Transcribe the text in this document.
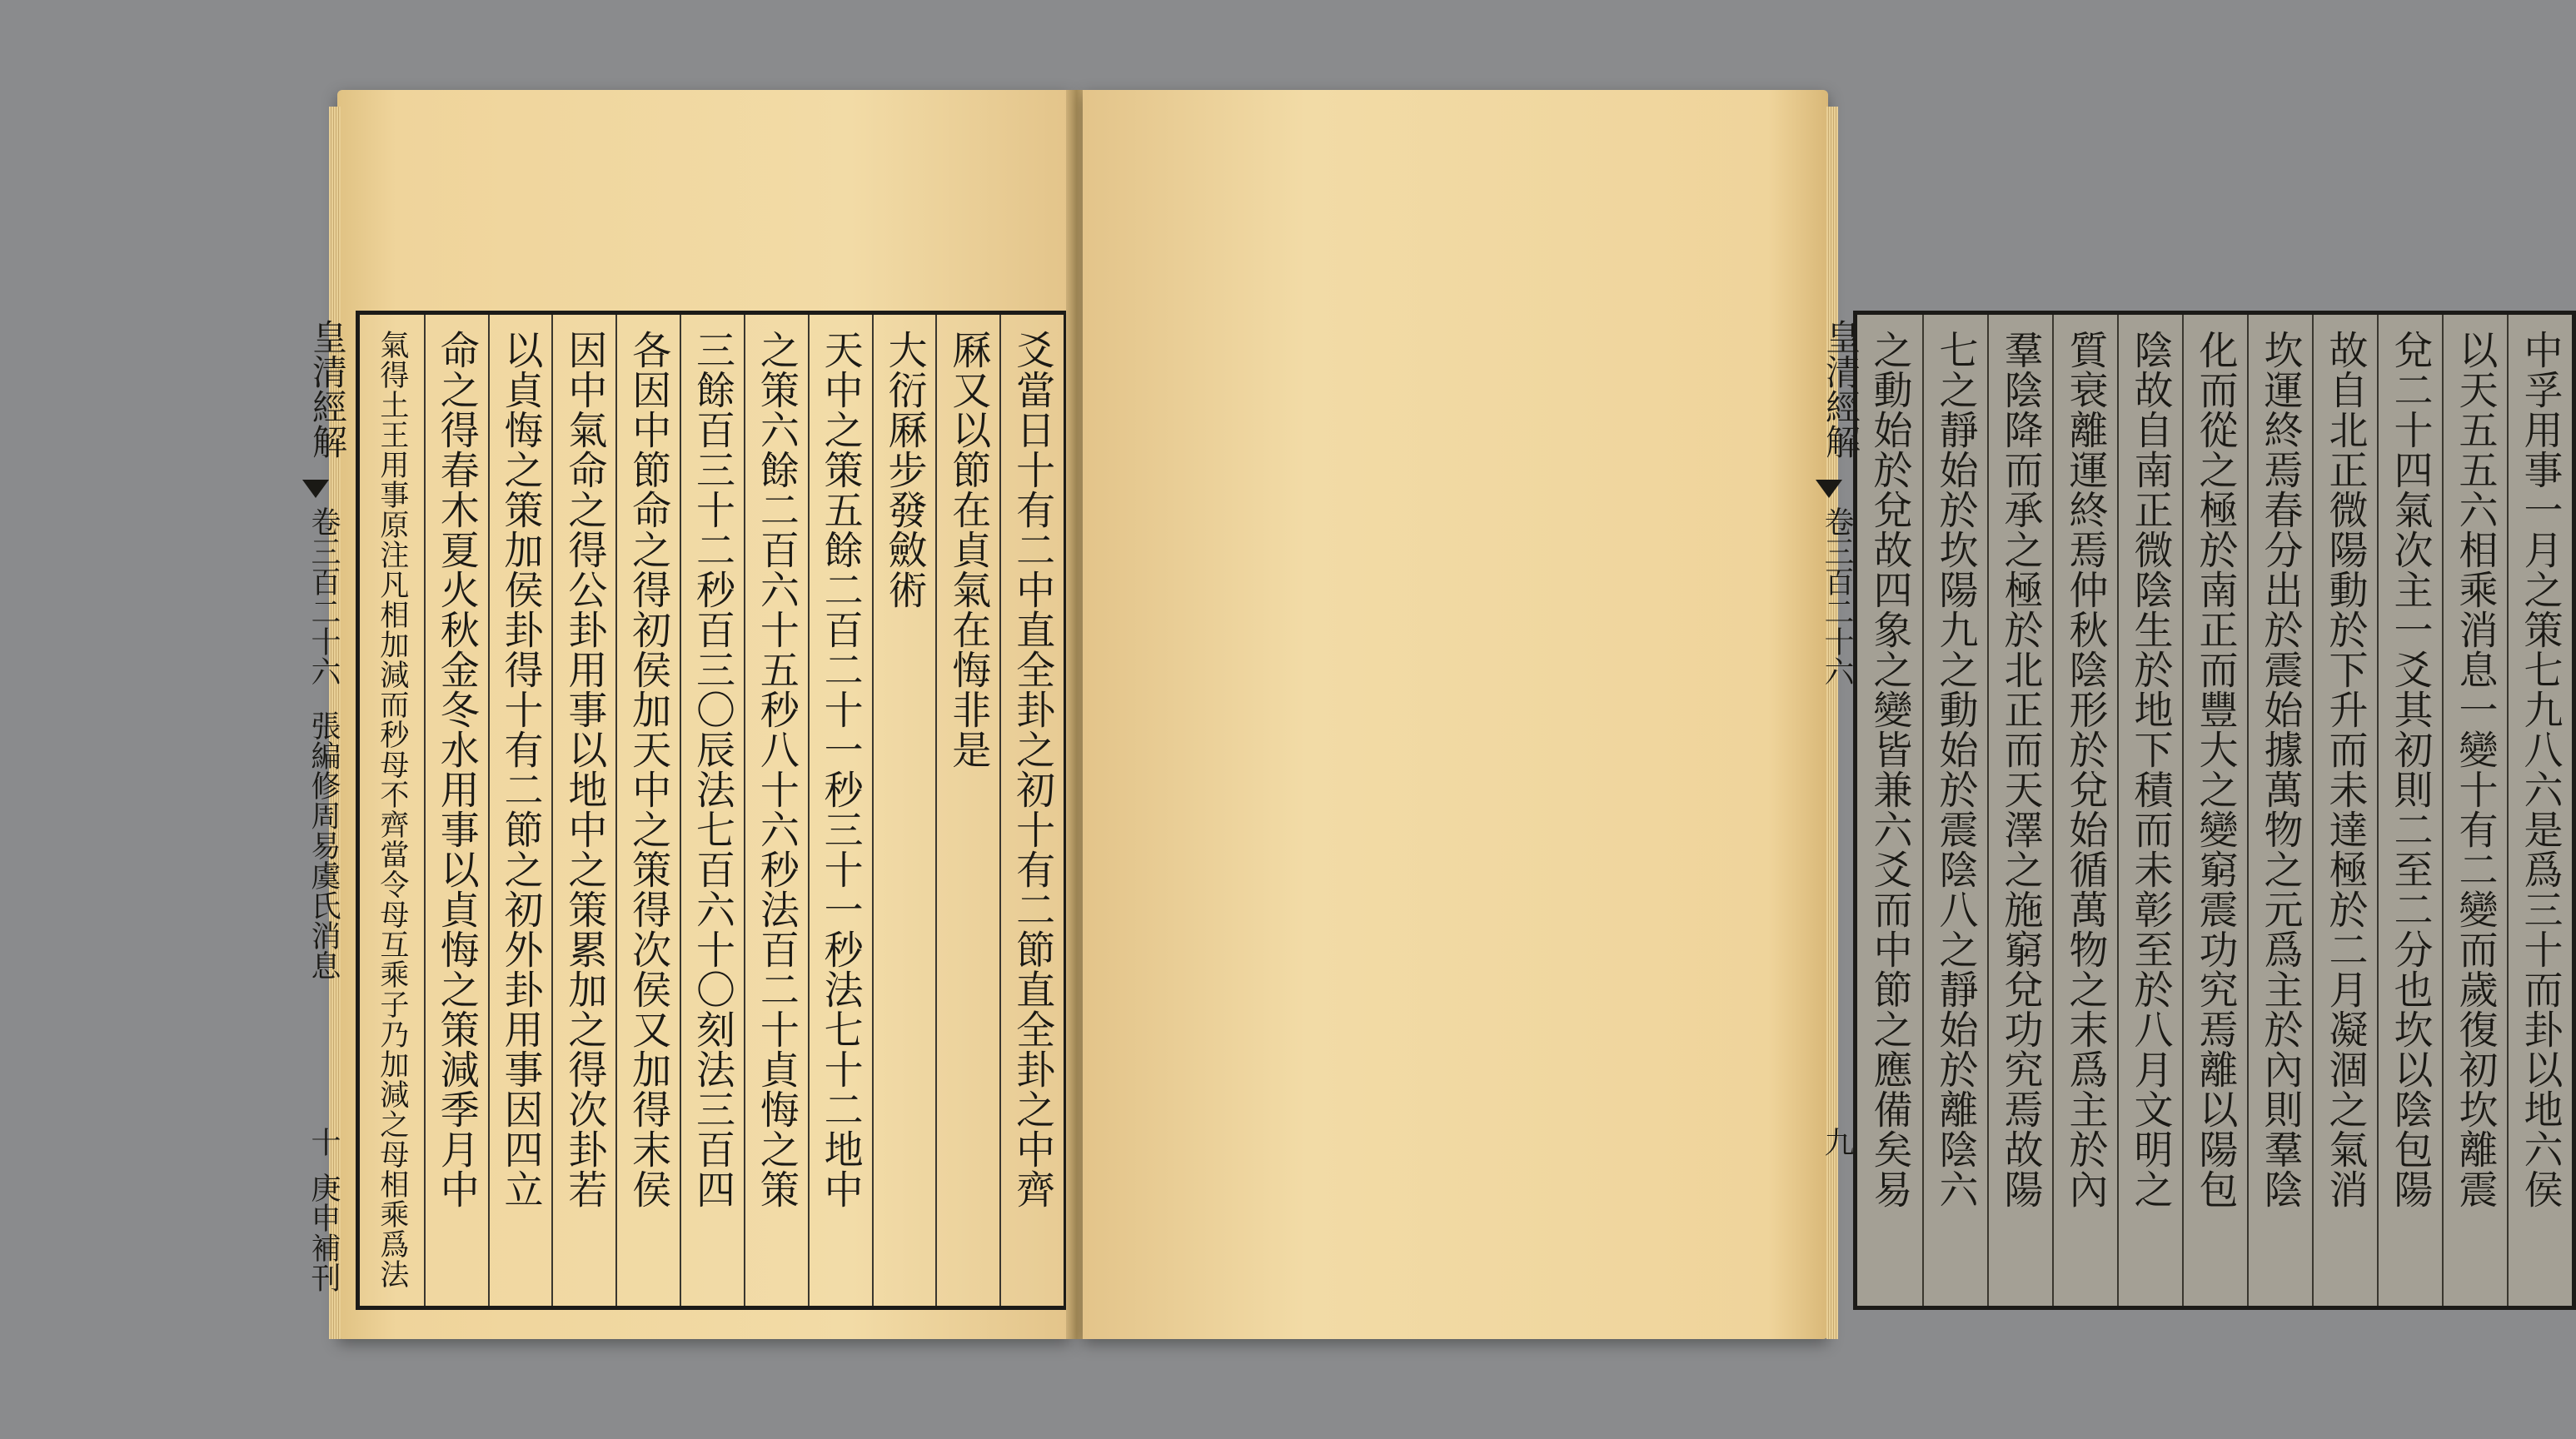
爻當日十有二中直全卦之初十有二節直全卦之中齊
厤又以節在貞氣在悔非是
大衍厤步發斂術
天中之策五餘二百二十一秒三十一秒法七十二地中
之策六餘二百六十五秒八十六秒法百二十貞悔之策
三餘百三十二秒百三〇辰法七百六十〇刻法三百四
各因中節命之得初侯加天中之策得次侯又加得末侯
因中氣命之得公卦用事以地中之策累加之得次卦若
以貞悔之策加侯卦得十有二節之初外卦用事因四立
命之得春木夏火秋金冬水用事以貞悔之策減季月中
氣得土王用事原注凡相加減而秒母不齊當令母互乘子乃加減之母相乘爲法	中孚用事一月之策七九八六是爲三十而卦以地六侯
以天五五六相乘消息一變十有二變而歲復初坎離震
兌二十四氣次主一爻其初則二至二分也坎以陰包陽
故自北正微陽動於下升而未達極於二月凝涸之氣消
坎運終焉春分出於震始據萬物之元爲主於內則羣陰
化而從之極於南正而豐大之變窮震功究焉離以陽包
陰故自南正微陰生於地下積而未彰至於八月文明之
質衰離運終焉仲秋陰形於兌始循萬物之末爲主於內
羣陰降而承之極於北正而天澤之施窮兌功究焉故陽
七之靜始於坎陽九之動始於震陰八之靜始於離陰六
之動始於兌故四象之變皆兼六爻而中節之應備矣易
皇清經解
卷三百二十六
張編修周易虞氏消息
十
庚申補刊
皇清經解
卷三百二十六
九
